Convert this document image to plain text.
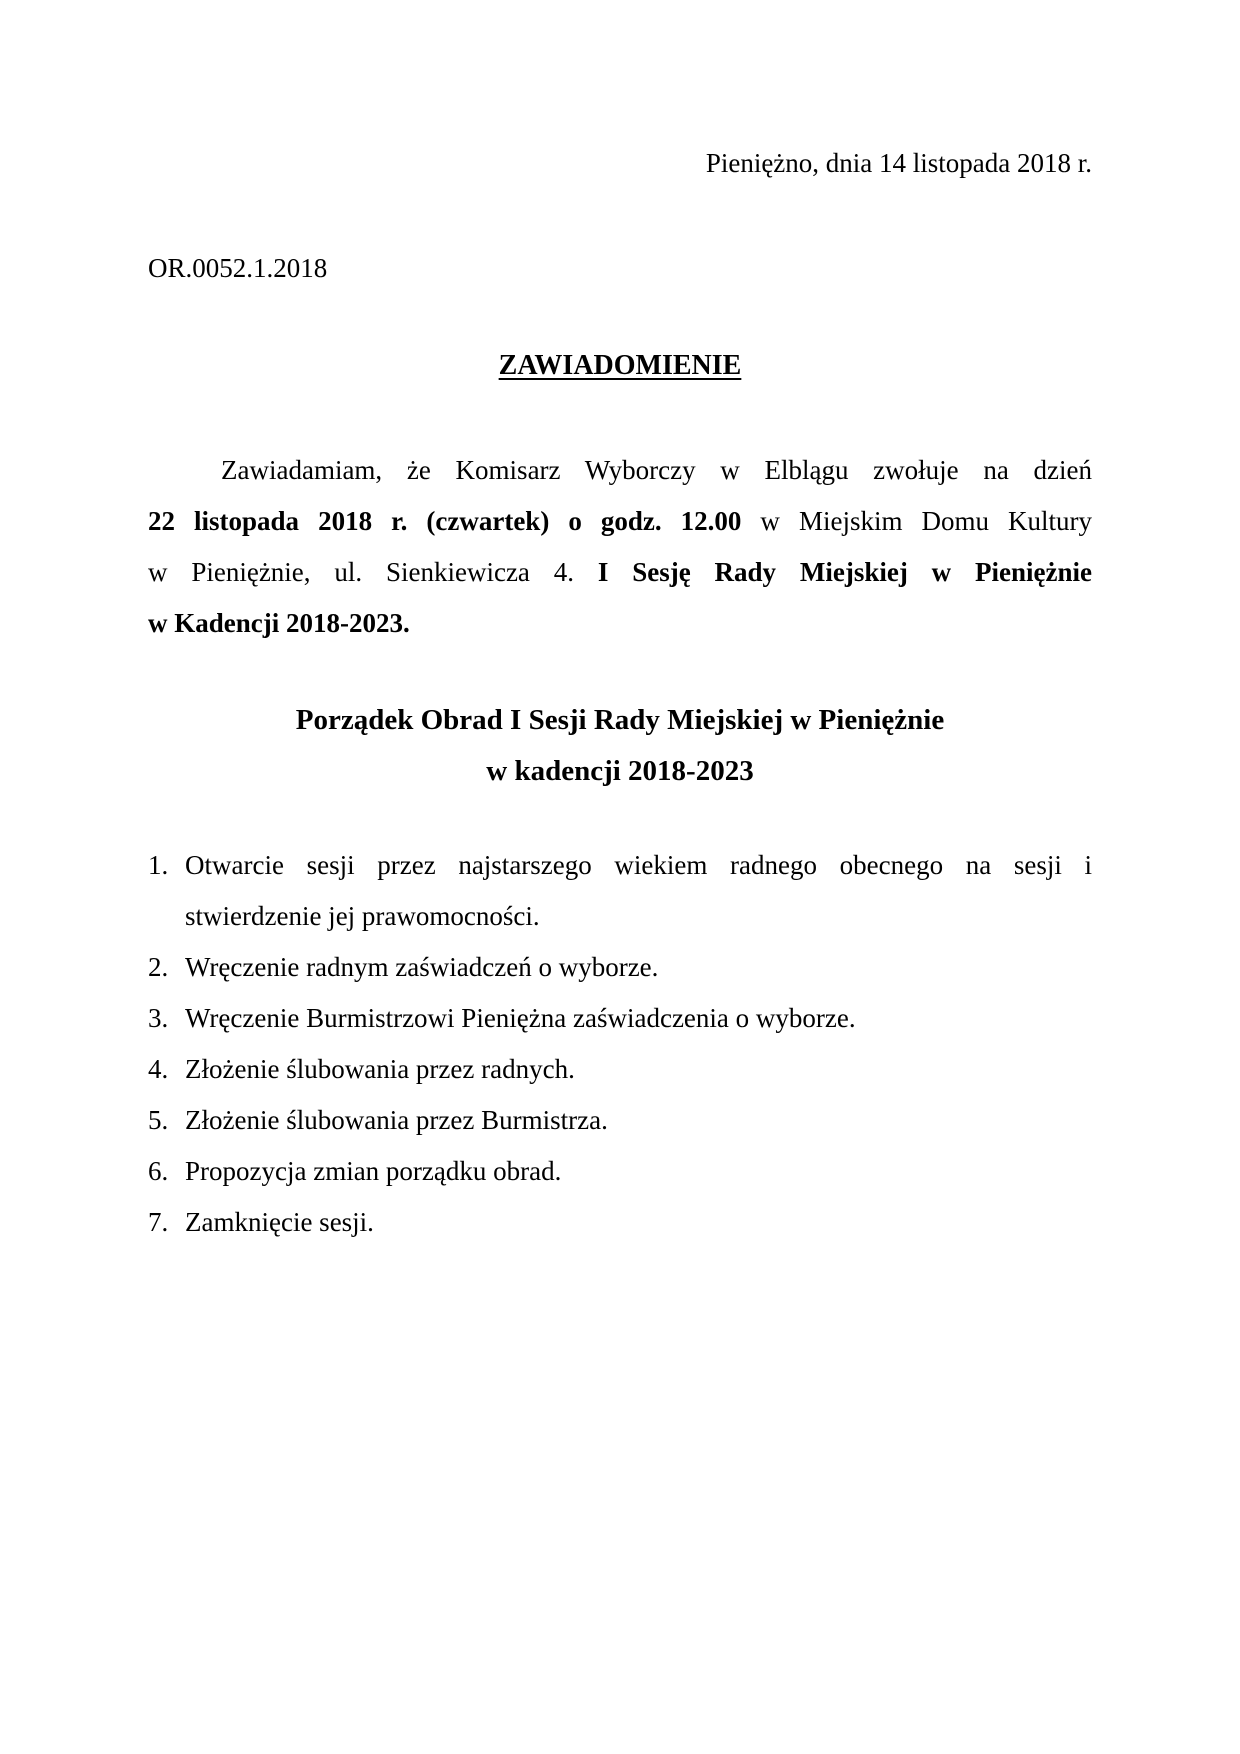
Pieniężno, dnia 14 listopada 2018 r.
OR.0052.1.2018
ZAWIADOMIENIE
Zawiadamiam, że Komisarz Wyborczy w Elblągu zwołuje na dzień
22 listopada 2018 r. (czwartek) o godz. 12.00 w Miejskim Domu Kultury
w Pieniężnie, ul. Sienkiewicza 4. I Sesję Rady Miejskiej w Pieniężnie
w Kadencji 2018-2023.
Porządek Obrad I Sesji Rady Miejskiej w Pieniężnie
w kadencji 2018-2023
1. Otwarcie sesji przez najstarszego wiekiem radnego obecnego na sesji i
stwierdzenie jej prawomocności.
2. Wręczenie radnym zaświadczeń o wyborze.
3. Wręczenie Burmistrzowi Pieniężna zaświadczenia o wyborze.
4. Złożenie ślubowania przez radnych.
5. Złożenie ślubowania przez Burmistrza.
6. Propozycja zmian porządku obrad.
7. Zamknięcie sesji.
